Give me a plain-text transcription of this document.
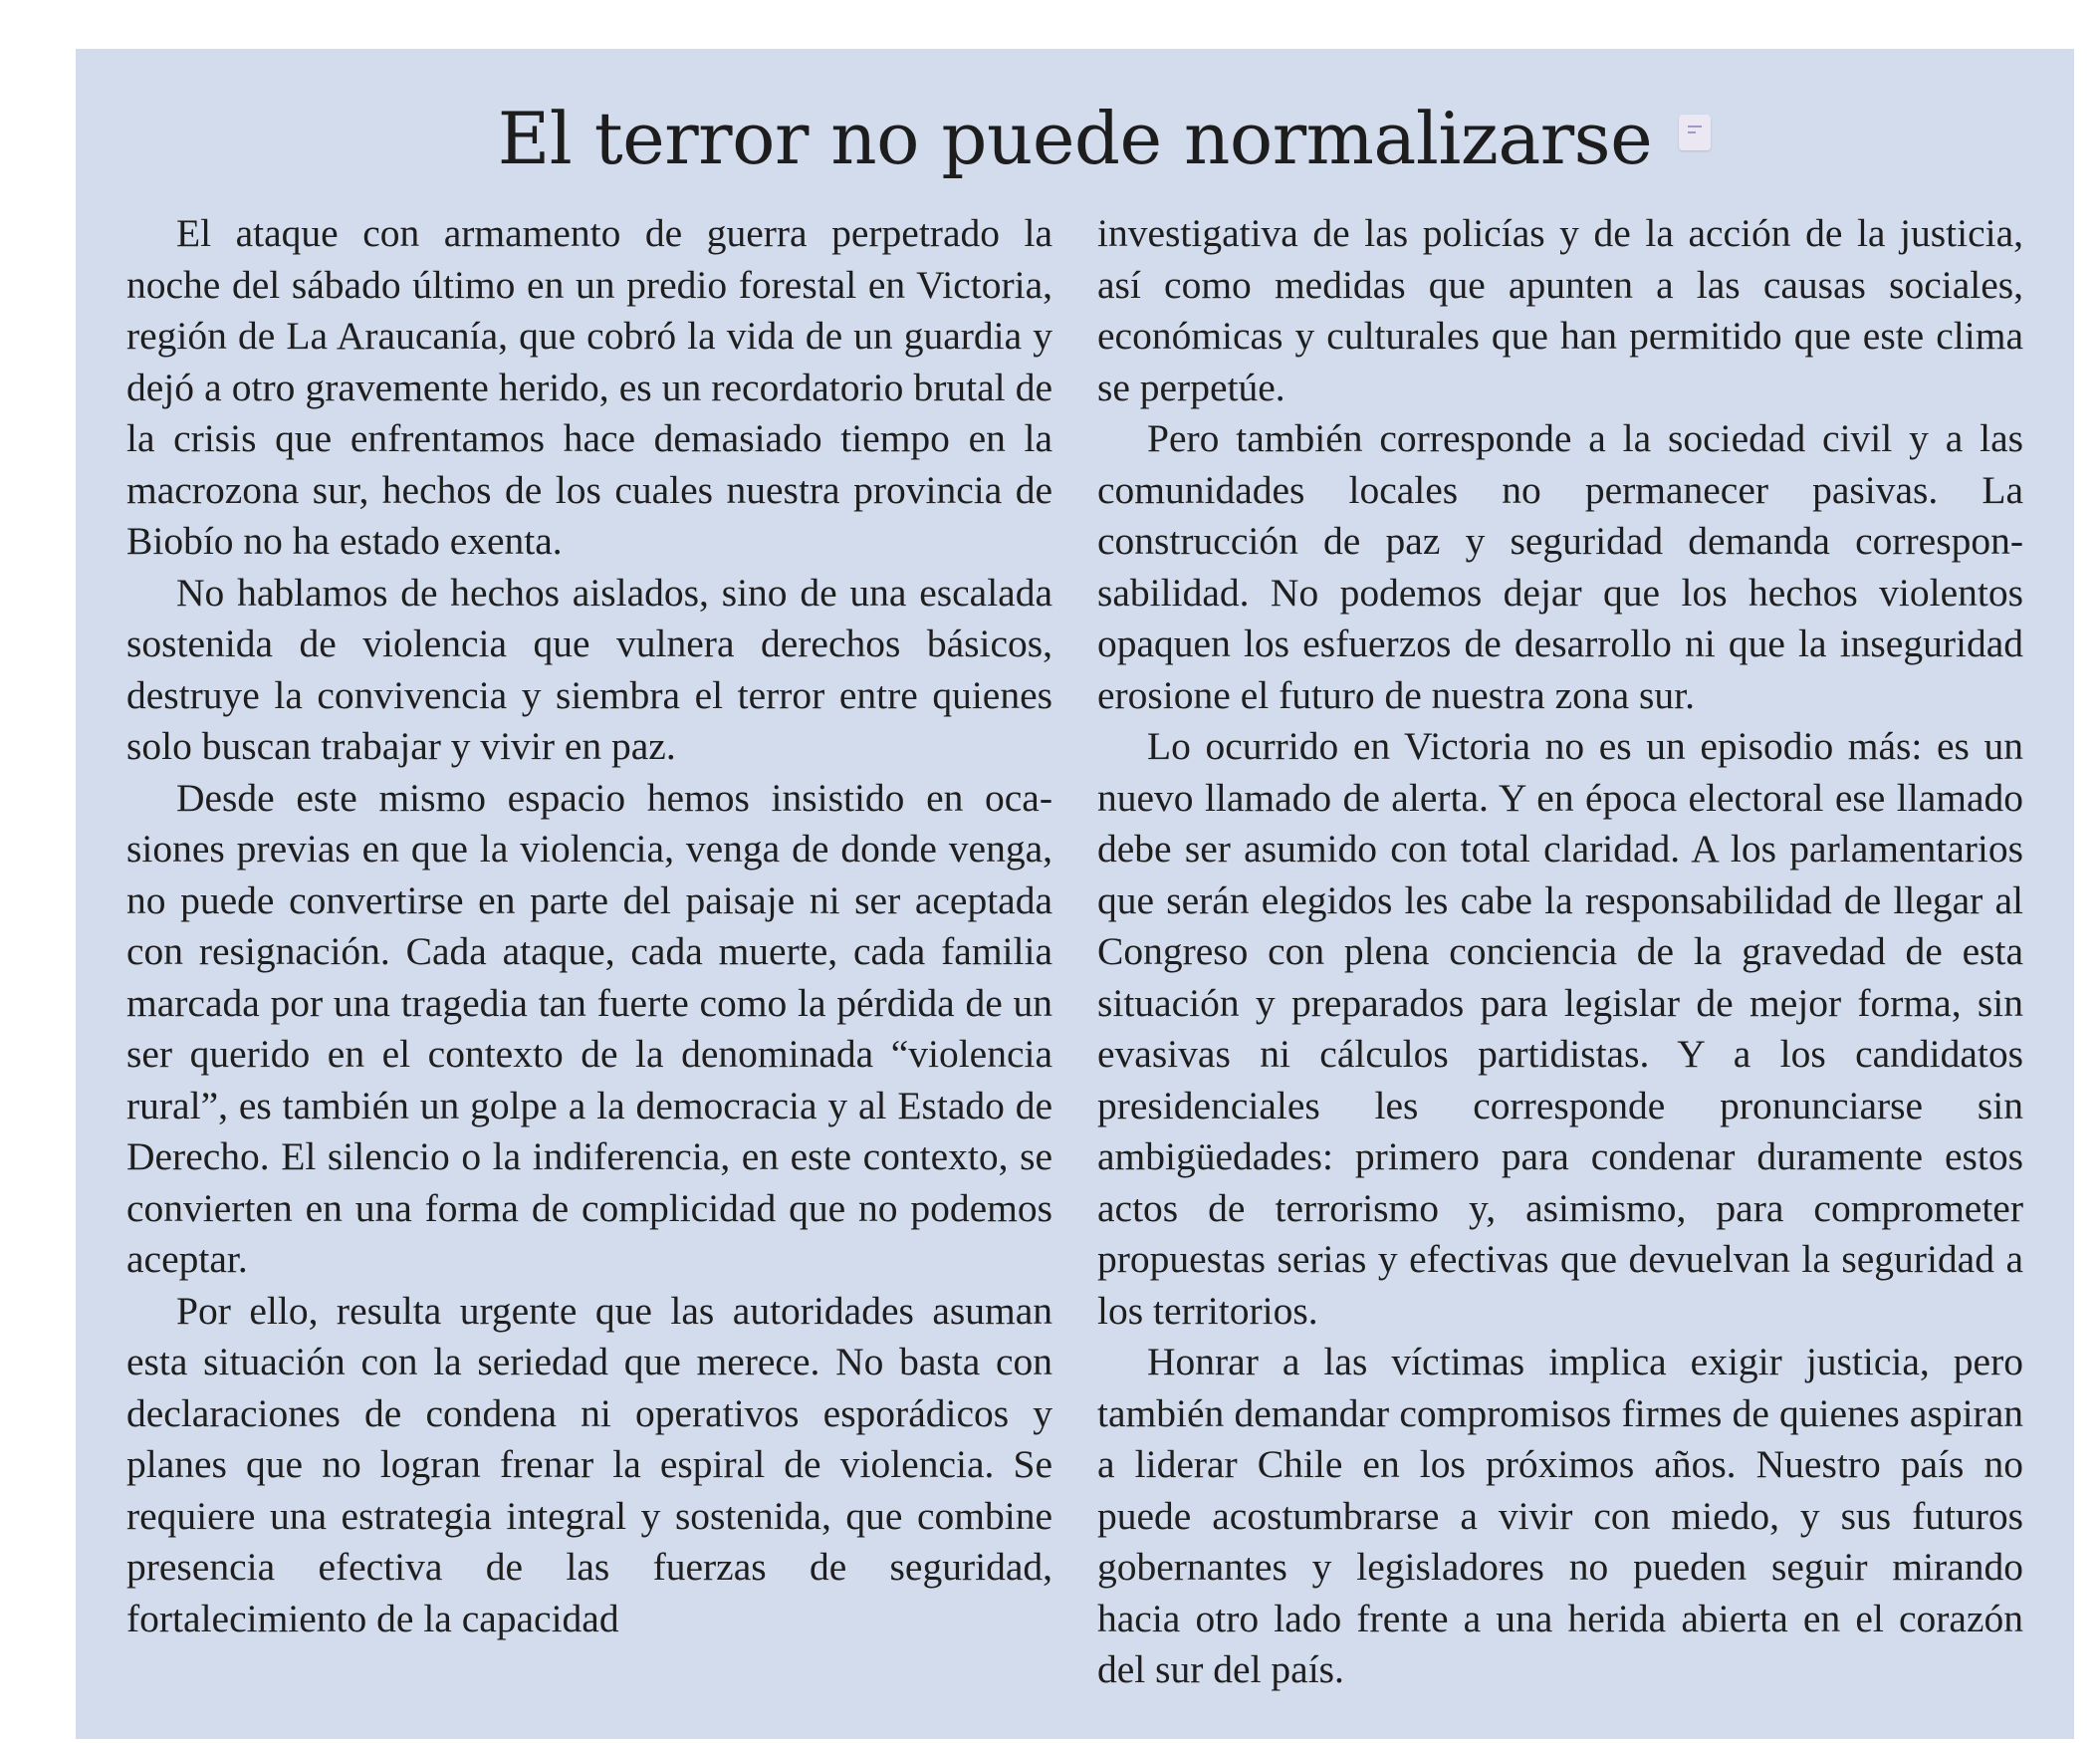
El terror no puede normalizarse

El ataque con armamento de guerra perpetrado la noche del sábado último en un predio forestal en Victoria, región de La Araucanía, que cobró la vida de un guardia y dejó a otro gravemente herido, es un recordatorio brutal de la crisis que enfrentamos hace demasiado tiempo en la macrozona sur, hechos de los cuales nuestra provincia de Biobío no ha estado exenta.

No hablamos de hechos aislados, sino de una escalada sostenida de violencia que vulnera derechos básicos, destruye la convivencia y siembra el terror entre quienes solo buscan trabajar y vivir en paz.

Desde este mismo espacio hemos insistido en ocasiones previas en que la violencia, venga de donde venga, no puede convertirse en parte del paisaje ni ser aceptada con resignación. Cada ataque, cada muerte, cada familia marcada por una tragedia tan fuerte como la pérdida de un ser querido en el contexto de la denominada “violencia rural”, es también un golpe a la democracia y al Estado de Derecho. El silencio o la indiferencia, en este contexto, se convierten en una forma de complicidad que no podemos aceptar.

Por ello, resulta urgente que las autoridades asuman esta situación con la seriedad que merece. No basta con declaraciones de condena ni operativos esporádicos y planes que no logran frenar la espiral de violencia. Se requiere una estrategia integral y sostenida, que combine presencia efectiva de las fuerzas de seguridad, fortalecimiento de la capacidad

investigativa de las policías y de la acción de la justicia, así como medidas que apunten a las causas sociales, económicas y culturales que han permitido que este clima se perpetúe.

Pero también corresponde a la sociedad civil y a las comunidades locales no permanecer pasivas. La construcción de paz y seguridad demanda corresponsabilidad. No podemos dejar que los hechos violentos opaquen los esfuerzos de desarrollo ni que la inseguridad erosione el futuro de nuestra zona sur.

Lo ocurrido en Victoria no es un episodio más: es un nuevo llamado de alerta. Y en época electoral ese llamado debe ser asumido con total claridad. A los parlamentarios que serán elegidos les cabe la responsabilidad de llegar al Congreso con plena conciencia de la gravedad de esta situación y preparados para legislar de mejor forma, sin evasivas ni cálculos partidistas. Y a los candidatos presidenciales les corresponde pronunciarse sin ambigüedades: primero para condenar duramente estos actos de terrorismo y, asimismo, para comprometer propuestas serias y efectivas que devuelvan la seguridad a los territorios.

Honrar a las víctimas implica exigir justicia, pero también demandar compromisos firmes de quienes aspiran a liderar Chile en los próximos años. Nuestro país no puede acostumbrarse a vivir con miedo, y sus futuros gobernantes y legisladores no pueden seguir mirando hacia otro lado frente a una herida abierta en el corazón del sur del país.
